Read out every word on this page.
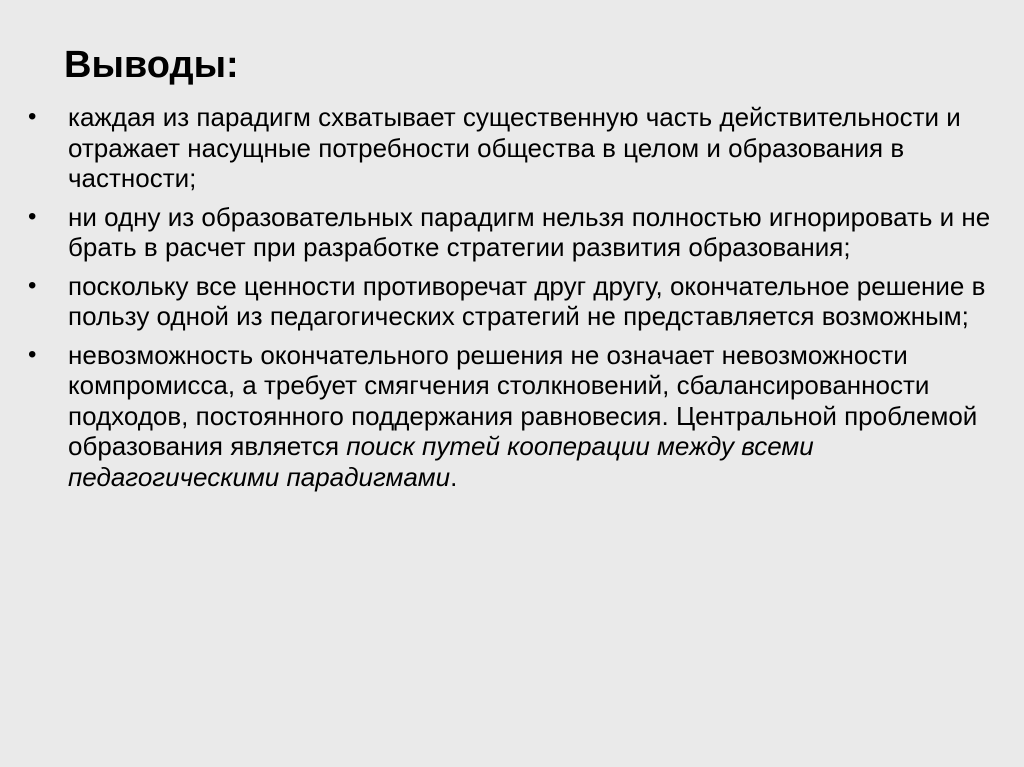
Выводы:
• каждая из парадигм схватывает существенную часть действительности и отражает насущные потребности общества в целом и образования в частности;
• ни одну из образовательных парадигм нельзя полностью игнорировать и не брать в расчет при разработке стратегии развития образования;
• поскольку все ценности противоречат друг другу, окончательное решение в пользу одной из педагогических стратегий не представляется возможным;
• невозможность окончательного решения не означает невозможности компромисса, а требует смягчения столкновений, сбалансированности подходов, постоянного поддержания равновесия. Центральной проблемой образования является поиск путей кооперации между всеми педагогическими парадигмами.
